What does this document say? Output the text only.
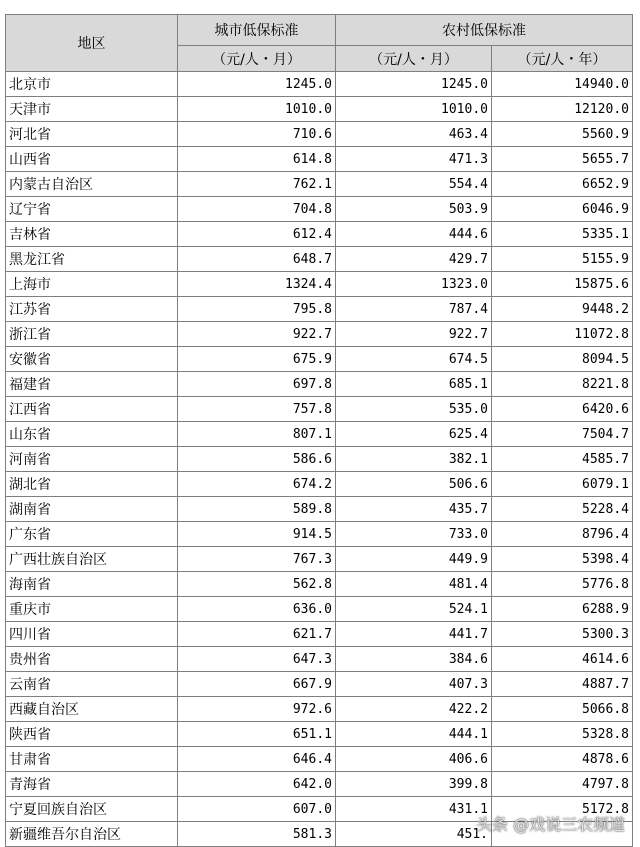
地区	城市低保标准	农村低保标准	
	（元/人・月）	（元/人・月）	（元/人・年）
北京市	1245.0	1245.0	14940.0
天津市	1010.0	1010.0	12120.0
河北省	710.6	463.4	5560.9
山西省	614.8	471.3	5655.7
内蒙古自治区	762.1	554.4	6652.9
辽宁省	704.8	503.9	6046.9
吉林省	612.4	444.6	5335.1
黑龙江省	648.7	429.7	5155.9
上海市	1324.4	1323.0	15875.6
江苏省	795.8	787.4	9448.2
浙江省	922.7	922.7	11072.8
安徽省	675.9	674.5	8094.5
福建省	697.8	685.1	8221.8
江西省	757.8	535.0	6420.6
山东省	807.1	625.4	7504.7
河南省	586.6	382.1	4585.7
湖北省	674.2	506.6	6079.1
湖南省	589.8	435.7	5228.4
广东省	914.5	733.0	8796.4
广西壮族自治区	767.3	449.9	5398.4
海南省	562.8	481.4	5776.8
重庆市	636.0	524.1	6288.9
四川省	621.7	441.7	5300.3
贵州省	647.3	384.6	4614.6
云南省	667.9	407.3	4887.7
西藏自治区	972.6	422.2	5066.8
陕西省	651.1	444.1	5328.8
甘肃省	646.4	406.6	4878.6
青海省	642.0	399.8	4797.8
宁夏回族自治区	607.0	431.1	5172.8
新疆维吾尔自治区	581.3	451.	
头条 @戏说三农频道
